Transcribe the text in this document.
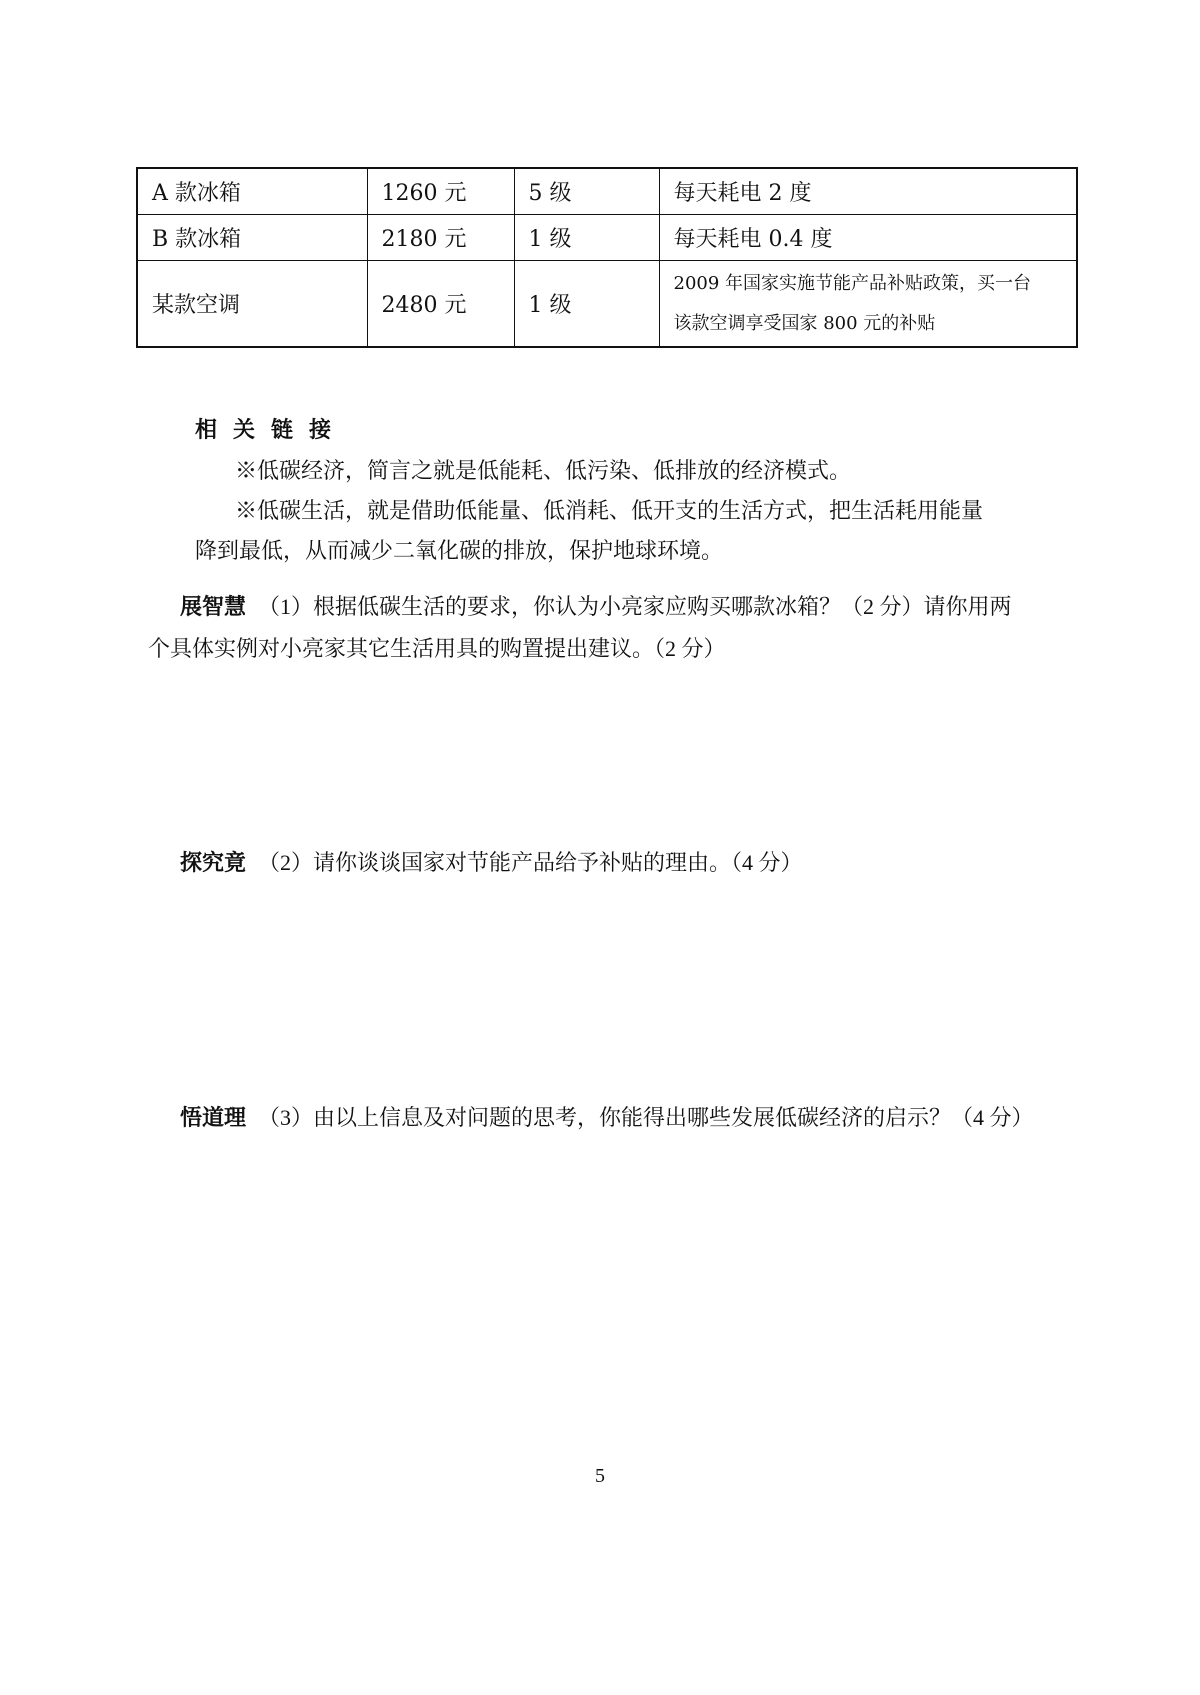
A 款冰箱	1260 元	5 级	每天耗电 2 度
B 款冰箱	2180 元	1 级	每天耗电 0.4 度
某款空调	2480 元	1 级	2009 年国家实施节能产品补贴政策，买一台
该款空调享受国家 800 元的补贴
相关链接
※低碳经济，简言之就是低能耗、低污染、低排放的经济模式。
※低碳生活，就是借助低能量、低消耗、低开支的生活方式，把生活耗用能量
降到最低，从而减少二氧化碳的排放，保护地球环境。
展智慧 （1）根据低碳生活的要求，你认为小亮家应购买哪款冰箱？（2 分）请你用两
个具体实例对小亮家其它生活用具的购置提出建议。（2 分）
探究竟 （2）请你谈谈国家对节能产品给予补贴的理由。（4 分）
悟道理 （3）由以上信息及对问题的思考，你能得出哪些发展低碳经济的启示？（4 分）
5
